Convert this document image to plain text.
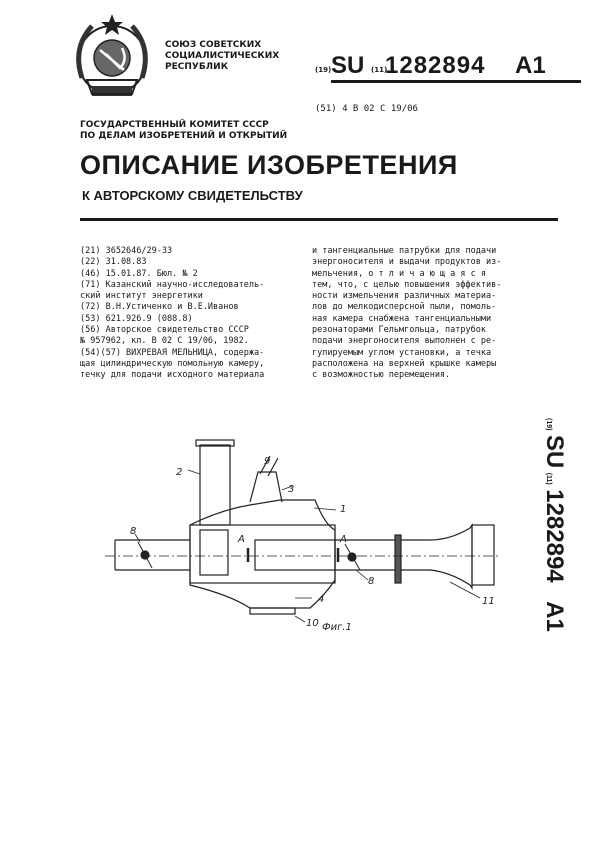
СОЮЗ СОВЕТСКИХ
СОЦИАЛИСТИЧЕСКИХ
РЕСПУБЛИК	(19) SU (11)
1282894 A1
(51) 4 B 02 C 19/06
ГОСУДАРСТВЕННЫЙ КОМИТЕТ СССР
ПО ДЕЛАМ ИЗОБРЕТЕНИЙ И ОТКРЫТИЙ
ОПИСАНИЕ ИЗОБРЕТЕНИЯ
К АВТОРСКОМУ СВИДЕТЕЛЬСТВУ
(21) 3652646/29-33
(22) 31.08.83
(46) 15.01.87. Бюл. № 2
(71) Казанский научно-исследователь-
ский институт энергетики
(72) В.Н.Устиченко и В.Е.Иванов
(53) 621.926.9 (088.8)
(56) Авторское свидетельство СССР
№ 957962, кл. B 02 C 19/06, 1982.
(54)(57) ВИХРЕВАЯ МЕЛЬНИЦА, содержа-
щая цилиндрическую помольную камеру,
течку для подачи исходного материала
и тангенциальные патрубки для подачи
энергоносителя и выдачи продуктов из-
мельчения, о т л и ч а ю щ а я с я
тем, что, с целью повышения эффектив-
ности измельчения различных материа-
лов до мелкодисперсной пыли, помоль-
ная камера снабжена тангенциальными
резонаторами Гельмгольца, патрубок
подачи энергоносителя выполнен с ре-
гулируемым углом установки, а течка
расположена на верхней крышке камеры
с возможностью перемещения.
(19) SU (11) 1282894 A1
2
1
3
4
8
8
9
10
11
A	A
Фиг.1
